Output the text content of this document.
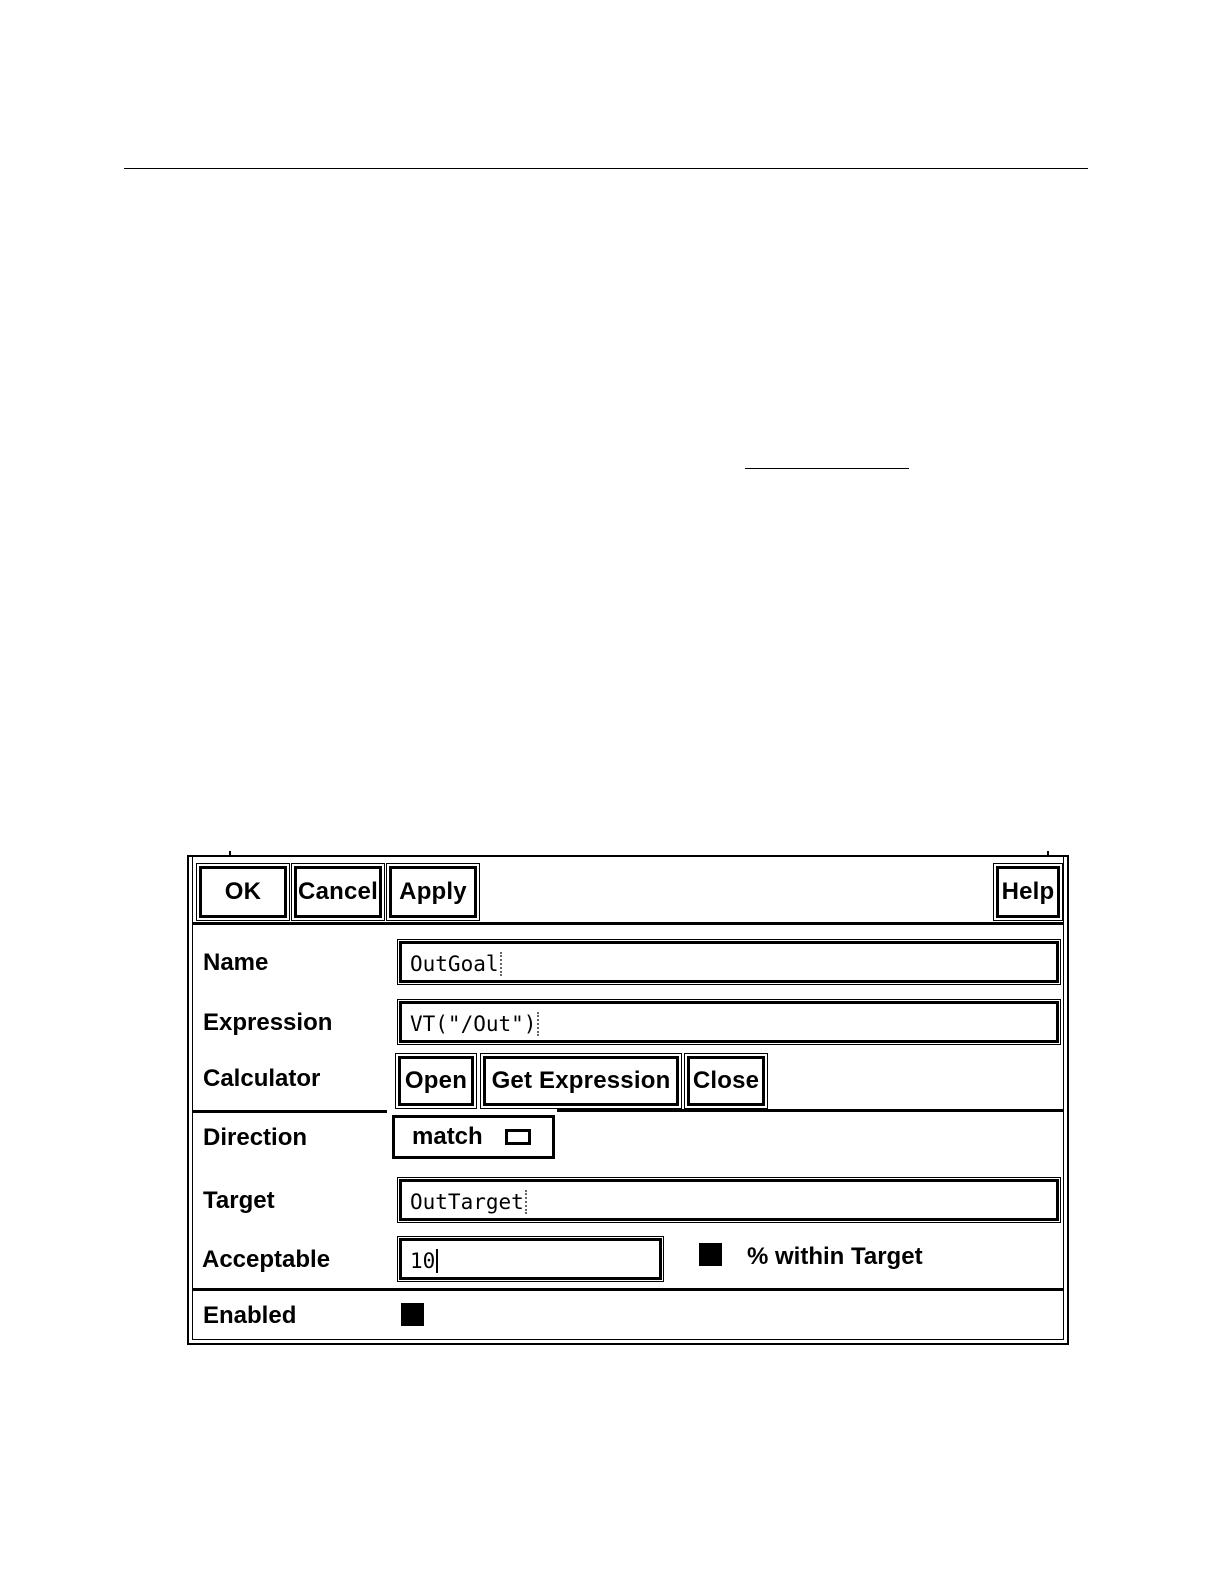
OK	Cancel Apply	Help
Name	OutGoal
Expression	VT("/Out")
Calculator	Open	Get Expression Close
Direction	match
Target	OutTarget
Acceptable	10	% within Target
Enabled
